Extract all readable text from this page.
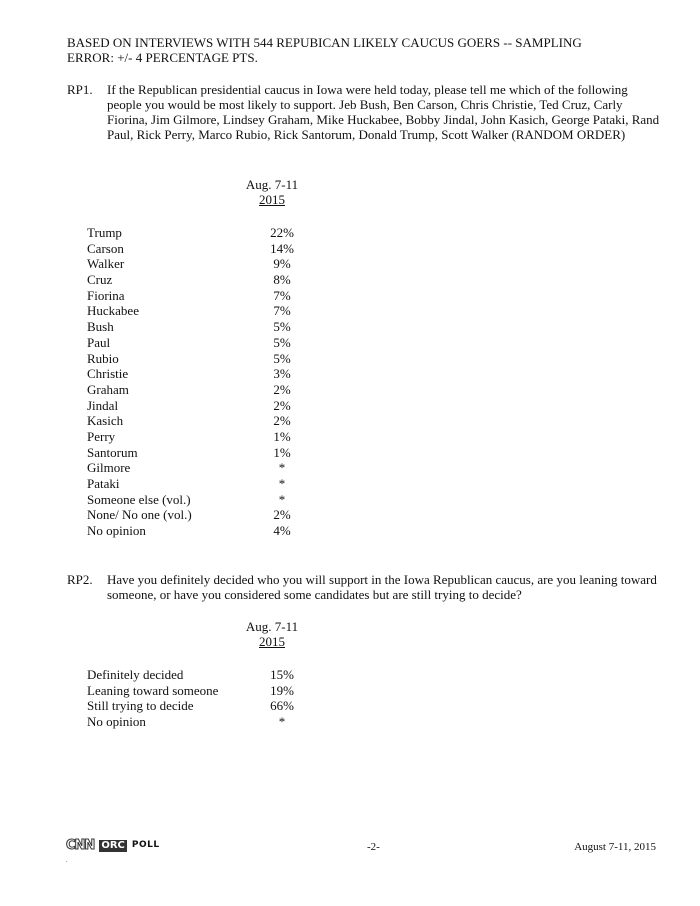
BASED ON INTERVIEWS WITH 544 REPUBICAN LIKELY CAUCUS GOERS -- SAMPLING
ERROR: +/- 4 PERCENTAGE PTS.
RP1. If the Republican presidential caucus in Iowa were held today, please tell me which of the following people you would be most likely to support. Jeb Bush, Ben Carson, Chris Christie, Ted Cruz, Carly Fiorina, Jim Gilmore, Lindsey Graham, Mike Huckabee, Bobby Jindal, John Kasich, George Pataki, Rand Paul, Rick Perry, Marco Rubio, Rick Santorum, Donald Trump, Scott Walker (RANDOM ORDER)
Aug. 7-11
2015
Trump	22%
Carson	14%
Walker	9%
Cruz	8%
Fiorina	7%
Huckabee	7%
Bush	5%
Paul	5%
Rubio	5%
Christie	3%
Graham	2%
Jindal	2%
Kasich	2%
Perry	1%
Santorum	1%
Gilmore	*
Pataki	*
Someone else (vol.)	*
None/ No one (vol.)	2%
No opinion	4%
RP2. Have you definitely decided who you will support in the Iowa Republican caucus, are you leaning toward someone, or have you considered some candidates but are still trying to decide?
Aug. 7-11
2015
Definitely decided	15%
Leaning toward someone	19%
Still trying to decide	66%
No opinion	*
CNN ORC POLL
.
-2-	August 7-11, 2015
